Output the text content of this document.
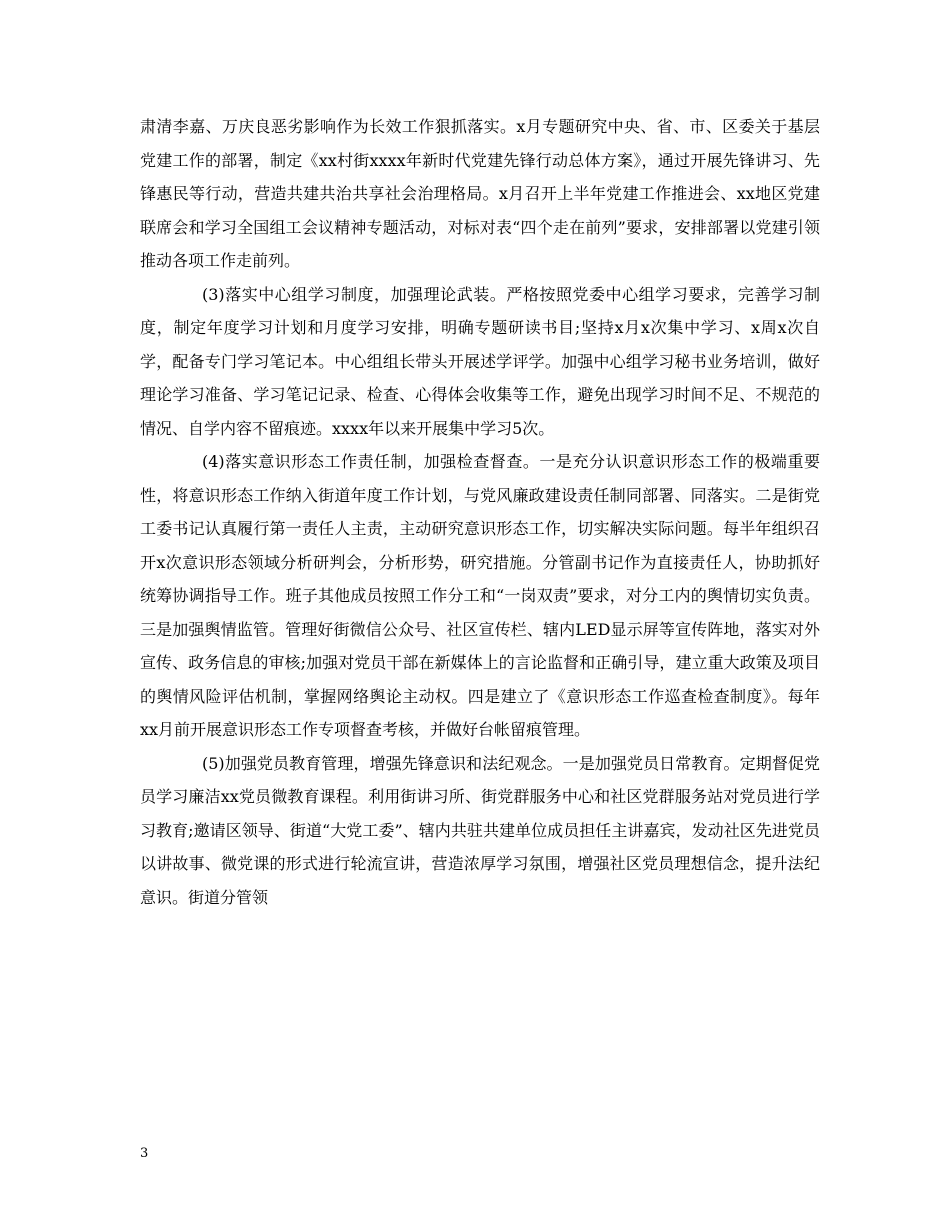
肃清李嘉、万庆良恶劣影响作为长效工作狠抓落实。x月专题研究中央、省、市、区委关于基层党建工作的部署，制定《xx村街xxxx年新时代党建先锋行动总体方案》，通过开展先锋讲习、先锋惠民等行动，营造共建共治共享社会治理格局。x月召开上半年党建工作推进会、xx地区党建联席会和学习全国组工会议精神专题活动，对标对表“四个走在前列”要求，安排部署以党建引领推动各项工作走前列。

(3)落实中心组学习制度，加强理论武装。严格按照党委中心组学习要求，完善学习制度，制定年度学习计划和月度学习安排，明确专题研读书目;坚持x月x次集中学习、x周x次自学，配备专门学习笔记本。中心组组长带头开展述学评学。加强中心组学习秘书业务培训，做好理论学习准备、学习笔记记录、检查、心得体会收集等工作，避免出现学习时间不足、不规范的情况、自学内容不留痕迹。xxxx年以来开展集中学习5次。

(4)落实意识形态工作责任制，加强检查督查。一是充分认识意识形态工作的极端重要性，将意识形态工作纳入街道年度工作计划，与党风廉政建设责任制同部署、同落实。二是街党工委书记认真履行第一责任人主责，主动研究意识形态工作，切实解决实际问题。每半年组织召开x次意识形态领域分析研判会，分析形势，研究措施。分管副书记作为直接责任人，协助抓好统筹协调指导工作。班子其他成员按照工作分工和“一岗双责”要求，对分工内的舆情切实负责。三是加强舆情监管。管理好街微信公众号、社区宣传栏、辖内LED显示屏等宣传阵地，落实对外宣传、政务信息的审核;加强对党员干部在新媒体上的言论监督和正确引导，建立重大政策及项目的舆情风险评估机制，掌握网络舆论主动权。四是建立了《意识形态工作巡查检查制度》。每年xx月前开展意识形态工作专项督查考核，并做好台帐留痕管理。

(5)加强党员教育管理，增强先锋意识和法纪观念。一是加强党员日常教育。定期督促党员学习廉洁xx党员微教育课程。利用街讲习所、街党群服务中心和社区党群服务站对党员进行学习教育;邀请区领导、街道“大党工委”、辖内共驻共建单位成员担任主讲嘉宾，发动社区先进党员以讲故事、微党课的形式进行轮流宣讲，营造浓厚学习氛围，增强社区党员理想信念，提升法纪意识。街道分管领

3
